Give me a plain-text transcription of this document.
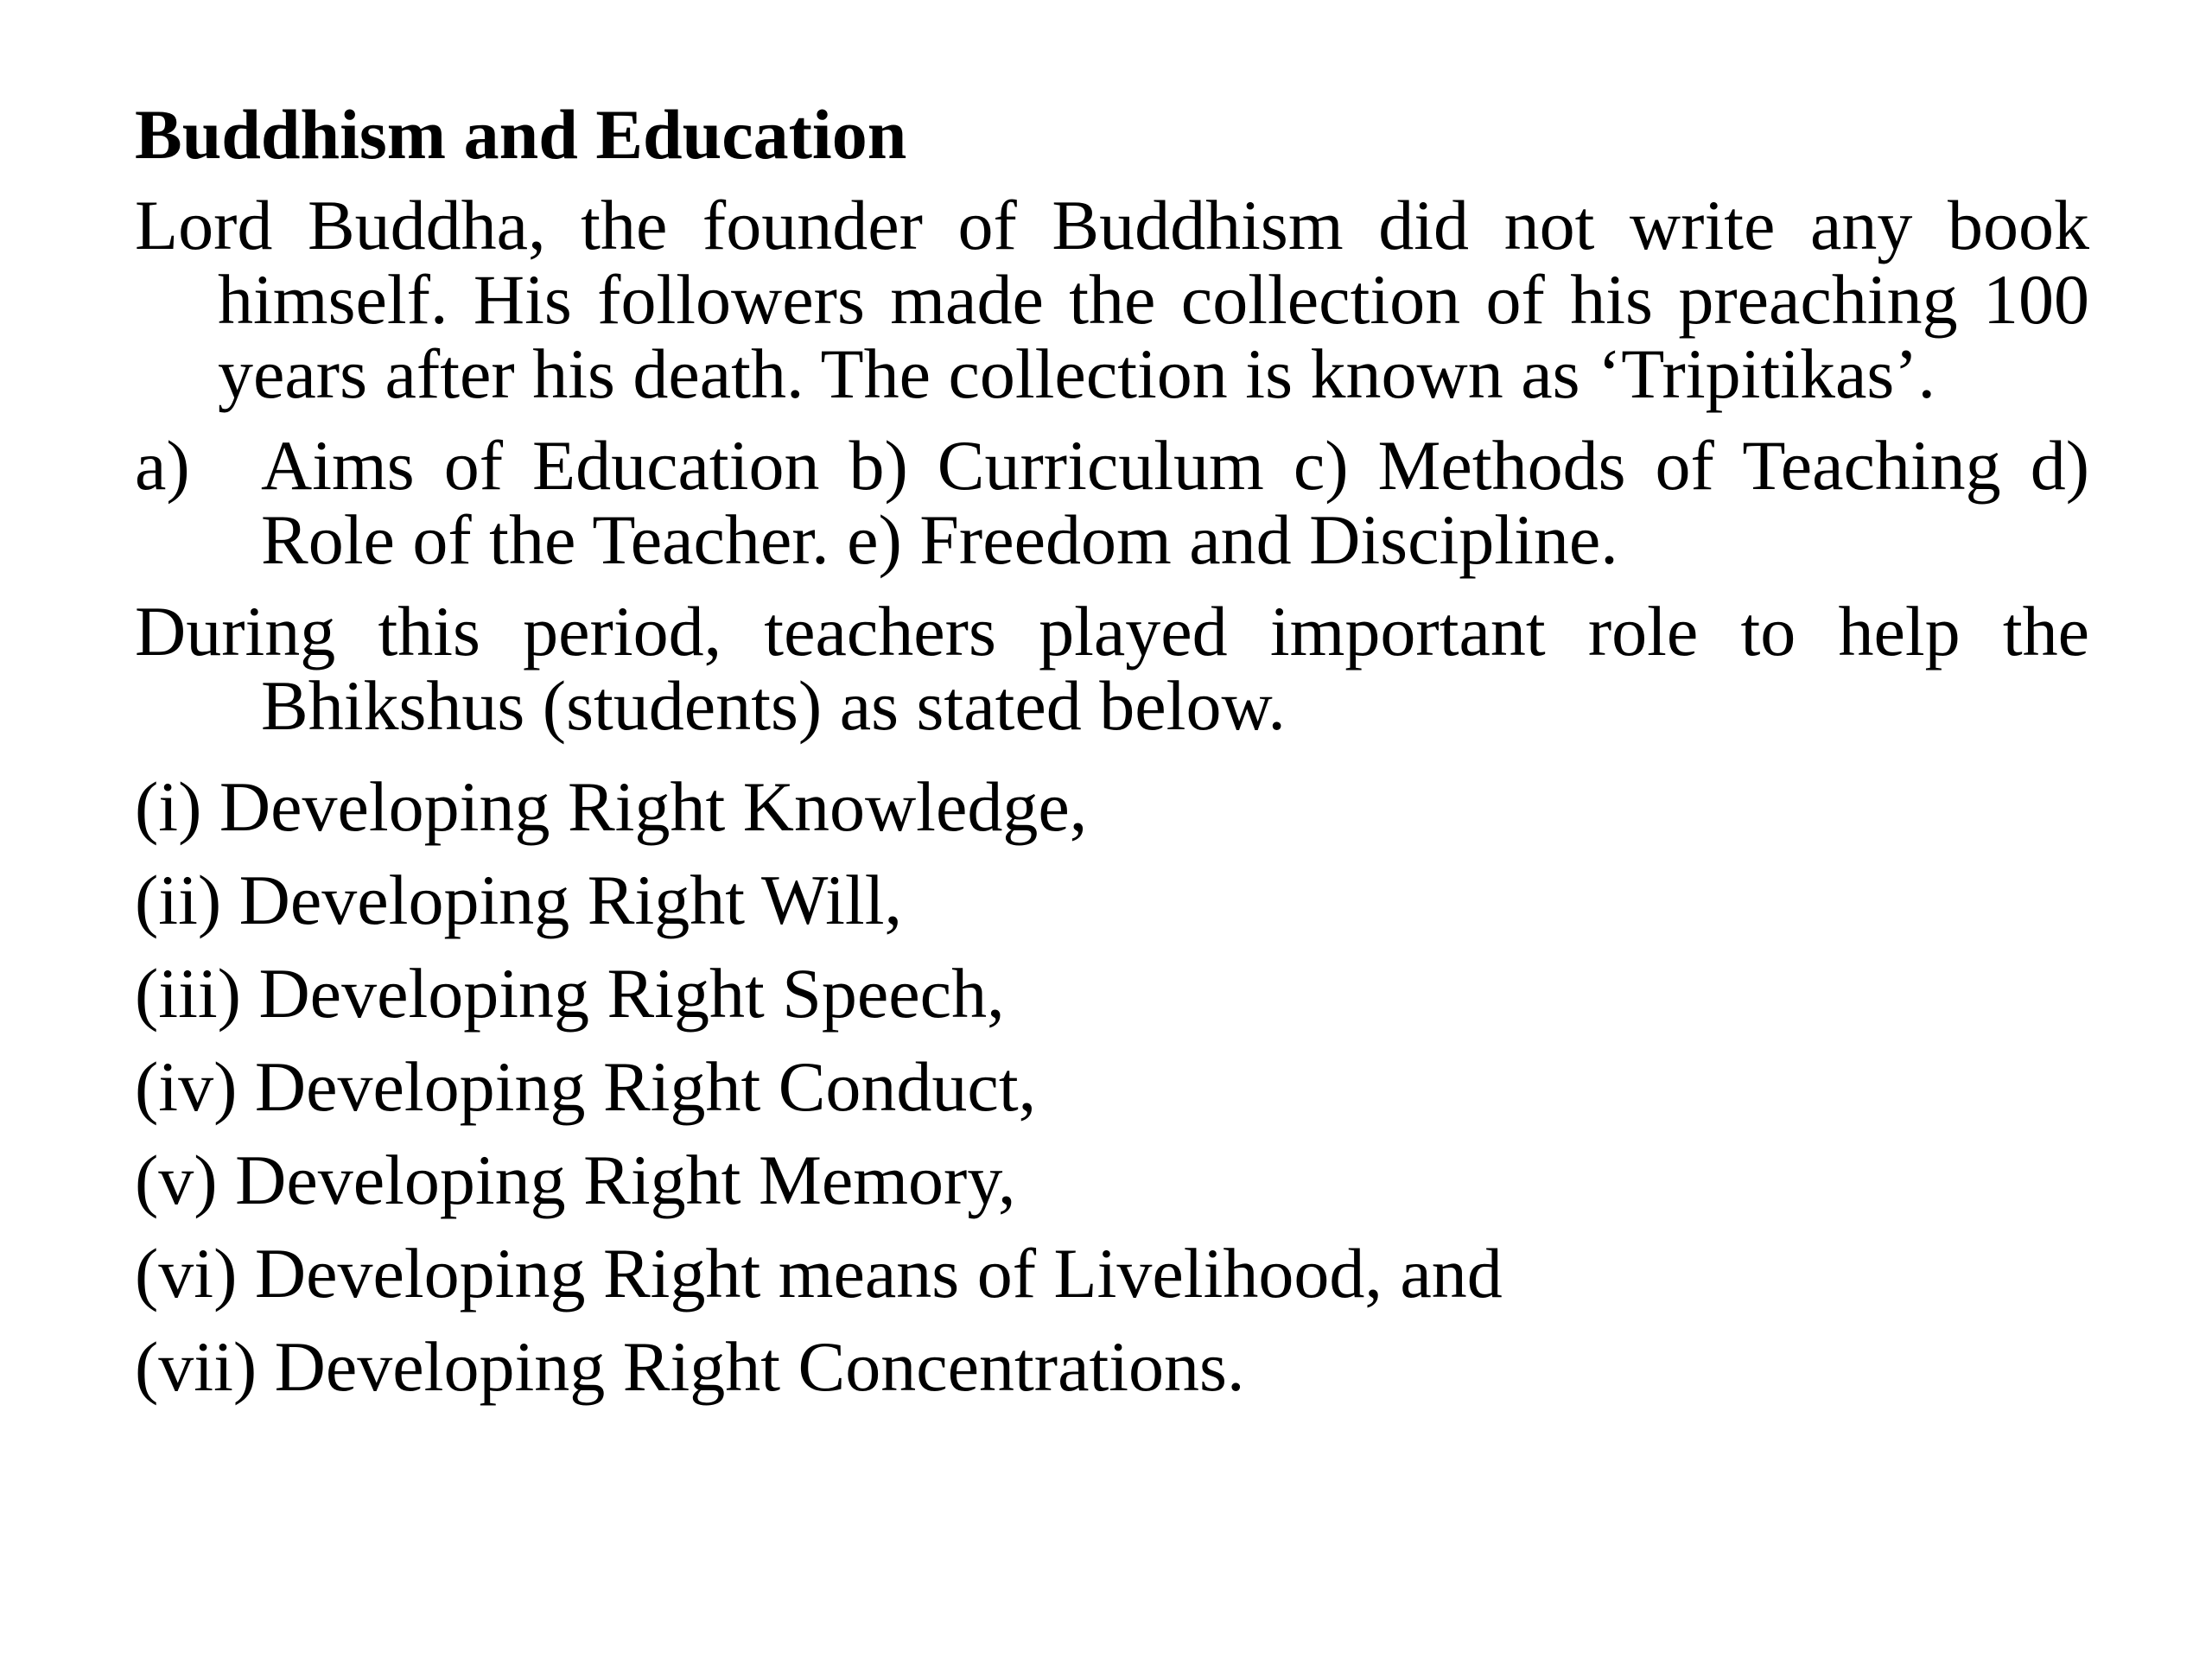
Buddhism and Education

Lord Buddha, the founder of Buddhism did not write any book himself. His followers made the collection of his preaching 100 years after his death. The collection is known as ‘Tripitikas’.

a) Aims of Education b) Curriculum c) Methods of Teaching d) Role of the Teacher. e) Freedom and Discipline.

During this period, teachers played important role to help the Bhikshus (students) as stated below.

(i) Developing Right Knowledge,
(ii) Developing Right Will,
(iii) Developing Right Speech,
(iv) Developing Right Conduct,
(v) Developing Right Memory,
(vi) Developing Right means of Livelihood, and
(vii) Developing Right Concentrations.
